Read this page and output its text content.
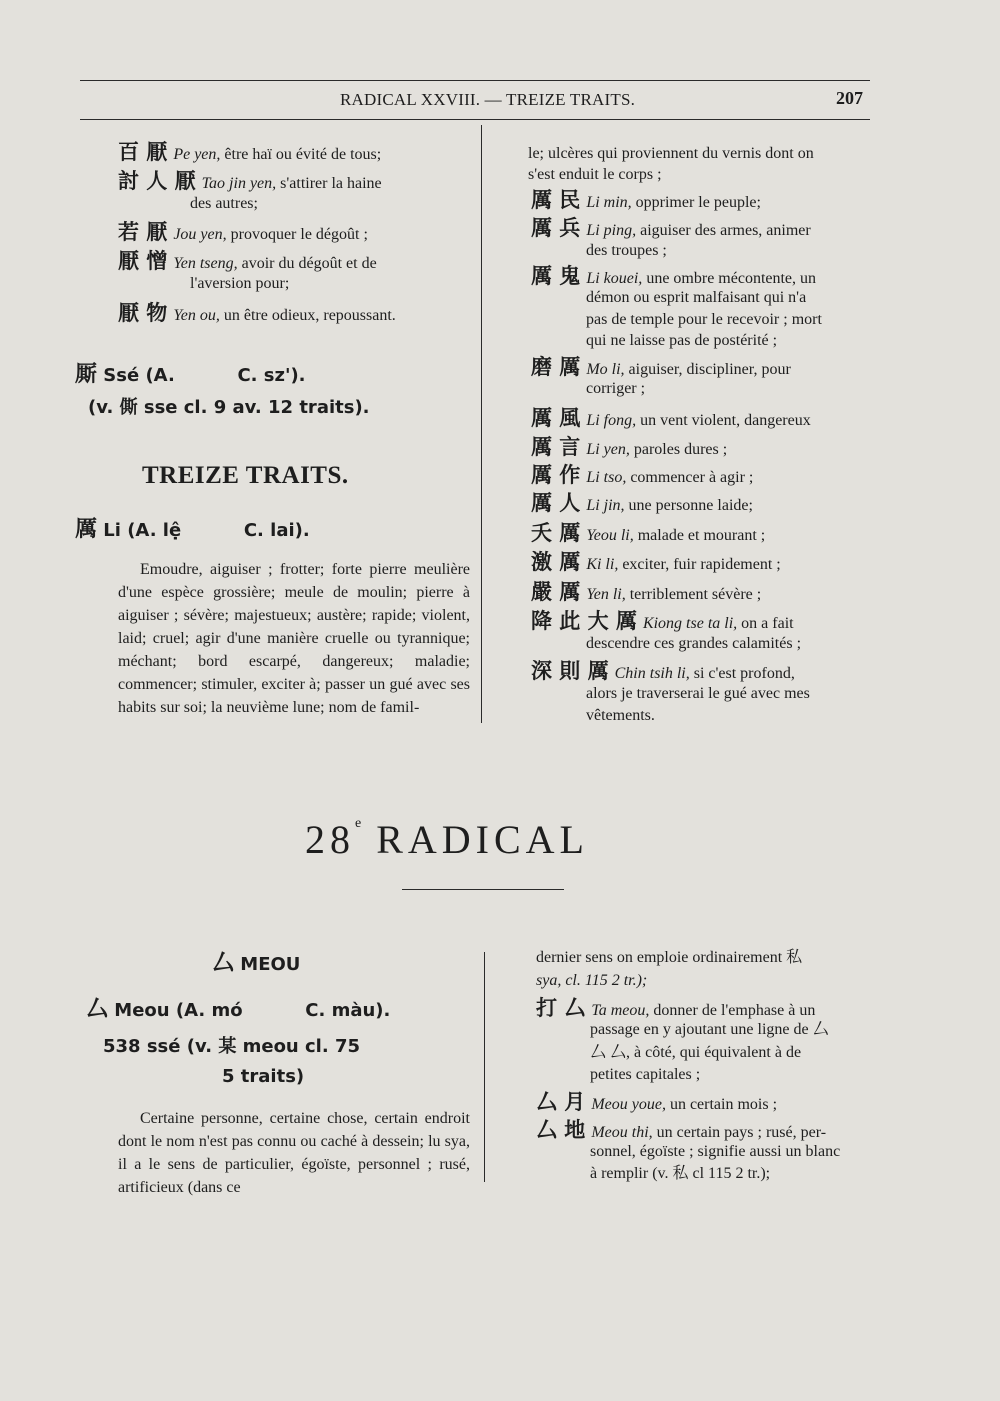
RADICAL XXVIII. — TREIZE TRAITS.	207
百 厭 Pe yen, être haï ou évité de tous;
討 人 厭 Tao jin yen, s'attirer la haine
des autres;
若 厭 Jou yen, provoquer le dégoût ;
厭 憎 Yen tseng, avoir du dégoût et de
l'aversion pour;
厭 物 Yen ou, un être odieux, repoussant.
厮 Ssé (A.          C. sz').
(v. 㒋 sse cl. 9 av. 12 traits).
TREIZE TRAITS.
厲 Li (A. lệ          C. lai).
Emoudre, aiguiser ; frotter; forte pierre meulière d'une espèce grossière; meule de moulin; pierre à aiguiser ; sévère; majestueux; austère; rapide; violent, laid; cruel; agir d'une manière cruelle ou tyrannique; méchant; bord escarpé, dangereux; maladie; commencer; stimuler, exciter à; passer un gué avec ses habits sur soi; la neuvième lune; nom de famil-
le; ulcères qui proviennent du vernis dont on
s'est enduit le corps ;
厲 民 Li min, opprimer le peuple;
厲 兵 Li ping, aiguiser des armes, animer
des troupes ;
厲 鬼 Li kouei, une ombre mécontente, un
démon ou esprit malfaisant qui n'a
pas de temple pour le recevoir ; mort
qui ne laisse pas de postérité ;
磨 厲 Mo li, aiguiser, discipliner, pour
corriger ;
厲 風 Li fong, un vent violent, dangereux
厲 言 Li yen, paroles dures ;
厲 作 Li tso, commencer à agir ;
厲 人 Li jin, une personne laide;
夭 厲 Yeou li, malade et mourant ;
激 厲 Ki li, exciter, fuir rapidement ;
嚴 厲 Yen li, terriblement sévère ;
降 此 大 厲 Kiong tse ta li, on a fait
descendre ces grandes calamités ;
深 則 厲 Chin tsih li, si c'est profond,
alors je traverserai le gué avec mes
vêtements.
28e RADICAL
厶 MEOU
厶 Meou (A. mó          C. màu).
538 ssé (v. 某 meou cl. 75
5 traits)
Certaine personne, certaine chose, certain endroit dont le nom n'est pas connu ou caché à dessein; lu sya, il a le sens de particulier, égoïste, personnel ; rusé, artificieux (dans ce
dernier sens on emploie ordinairement 私
sya, cl. 115 2 tr.);
打 厶 Ta meou, donner de l'emphase à un
passage en y ajoutant une ligne de 厶
厶 厶, à côté, qui équivalent à de
petites capitales ;
厶 月 Meou youe, un certain mois ;
厶 地 Meou thi, un certain pays ; rusé, per-
sonnel, égoïste ; signifie aussi un blanc
à remplir (v. 私 cl 115 2 tr.);
